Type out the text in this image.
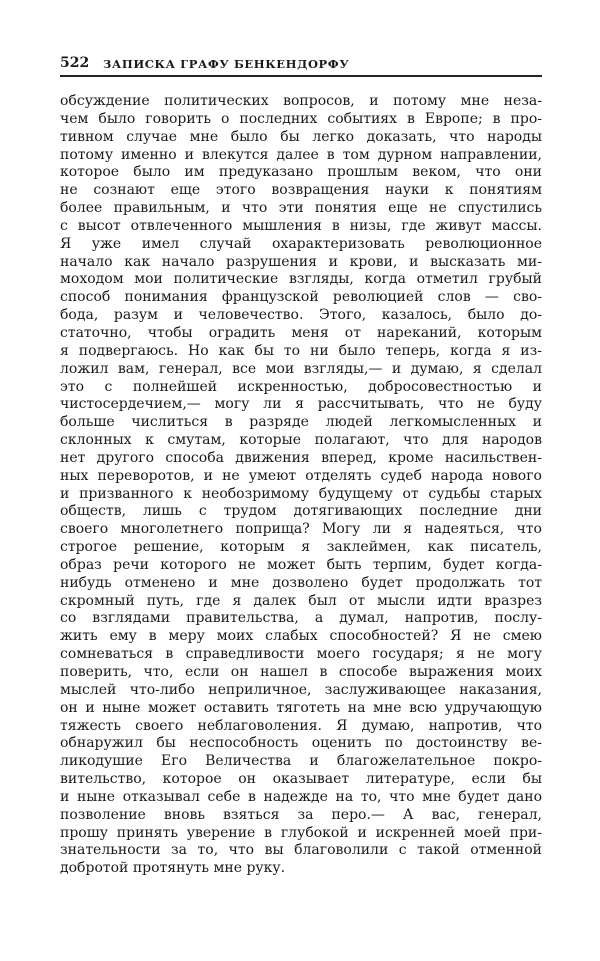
522 ЗАПИСКА ГРАФУ БЕНКЕНДОРФУ
обсуждение политических вопросов, и потому мне неза-
чем было говорить о последних событиях в Европе; в про-
тивном случае мне было бы легко доказать, что народы
потому именно и влекутся далее в том дурном направлении,
которое было им предуказано прошлым веком, что они
не сознают еще этого возвращения науки к понятиям
более правильным, и что эти понятия еще не спустились
с высот отвлеченного мышления в низы, где живут массы.
Я уже имел случай охарактеризовать революционное
начало как начало разрушения и крови, и высказать ми-
моходом мои политические взгляды, когда отметил грубый
способ понимания французской революцией слов — сво-
бода, разум и человечество. Этого, казалось, было до-
статочно, чтобы оградить меня от нареканий, которым
я подвергаюсь. Но как бы то ни было теперь, когда я из-
ложил вам, генерал, все мои взгляды,— и думаю, я сделал
это с полнейшей искренностью, добросовестностью и
чистосердечием,— могу ли я рассчитывать, что не буду
больше числиться в разряде людей легкомысленных и
склонных к смутам, которые полагают, что для народов
нет другого способа движения вперед, кроме насильствен-
ных переворотов, и не умеют отделять судеб народа нового
и призванного к необозримому будущему от судьбы старых
обществ, лишь с трудом дотягивающих последние дни
своего многолетнего поприща? Могу ли я надеяться, что
строгое решение, которым я заклеймен, как писатель,
образ речи которого не может быть терпим, будет когда-
нибудь отменено и мне дозволено будет продолжать тот
скромный путь, где я далек был от мысли идти вразрез
со взглядами правительства, а думал, напротив, послу-
жить ему в меру моих слабых способностей? Я не смею
сомневаться в справедливости моего государя; я не могу
поверить, что, если он нашел в способе выражения моих
мыслей что-либо неприличное, заслуживающее наказания,
он и ныне может оставить тяготеть на мне всю удручающую
тяжесть своего неблаговоления. Я думаю, напротив, что
обнаружил бы неспособность оценить по достоинству ве-
ликодушие Его Величества и благожелательное покро-
вительство, которое он оказывает литературе, если бы
и ныне отказывал себе в надежде на то, что мне будет дано
позволение вновь взяться за перо.— А вас, генерал,
прошу принять уверение в глубокой и искренней моей при-
знательности за то, что вы благоволили с такой отменной
добротой протянуть мне руку.
